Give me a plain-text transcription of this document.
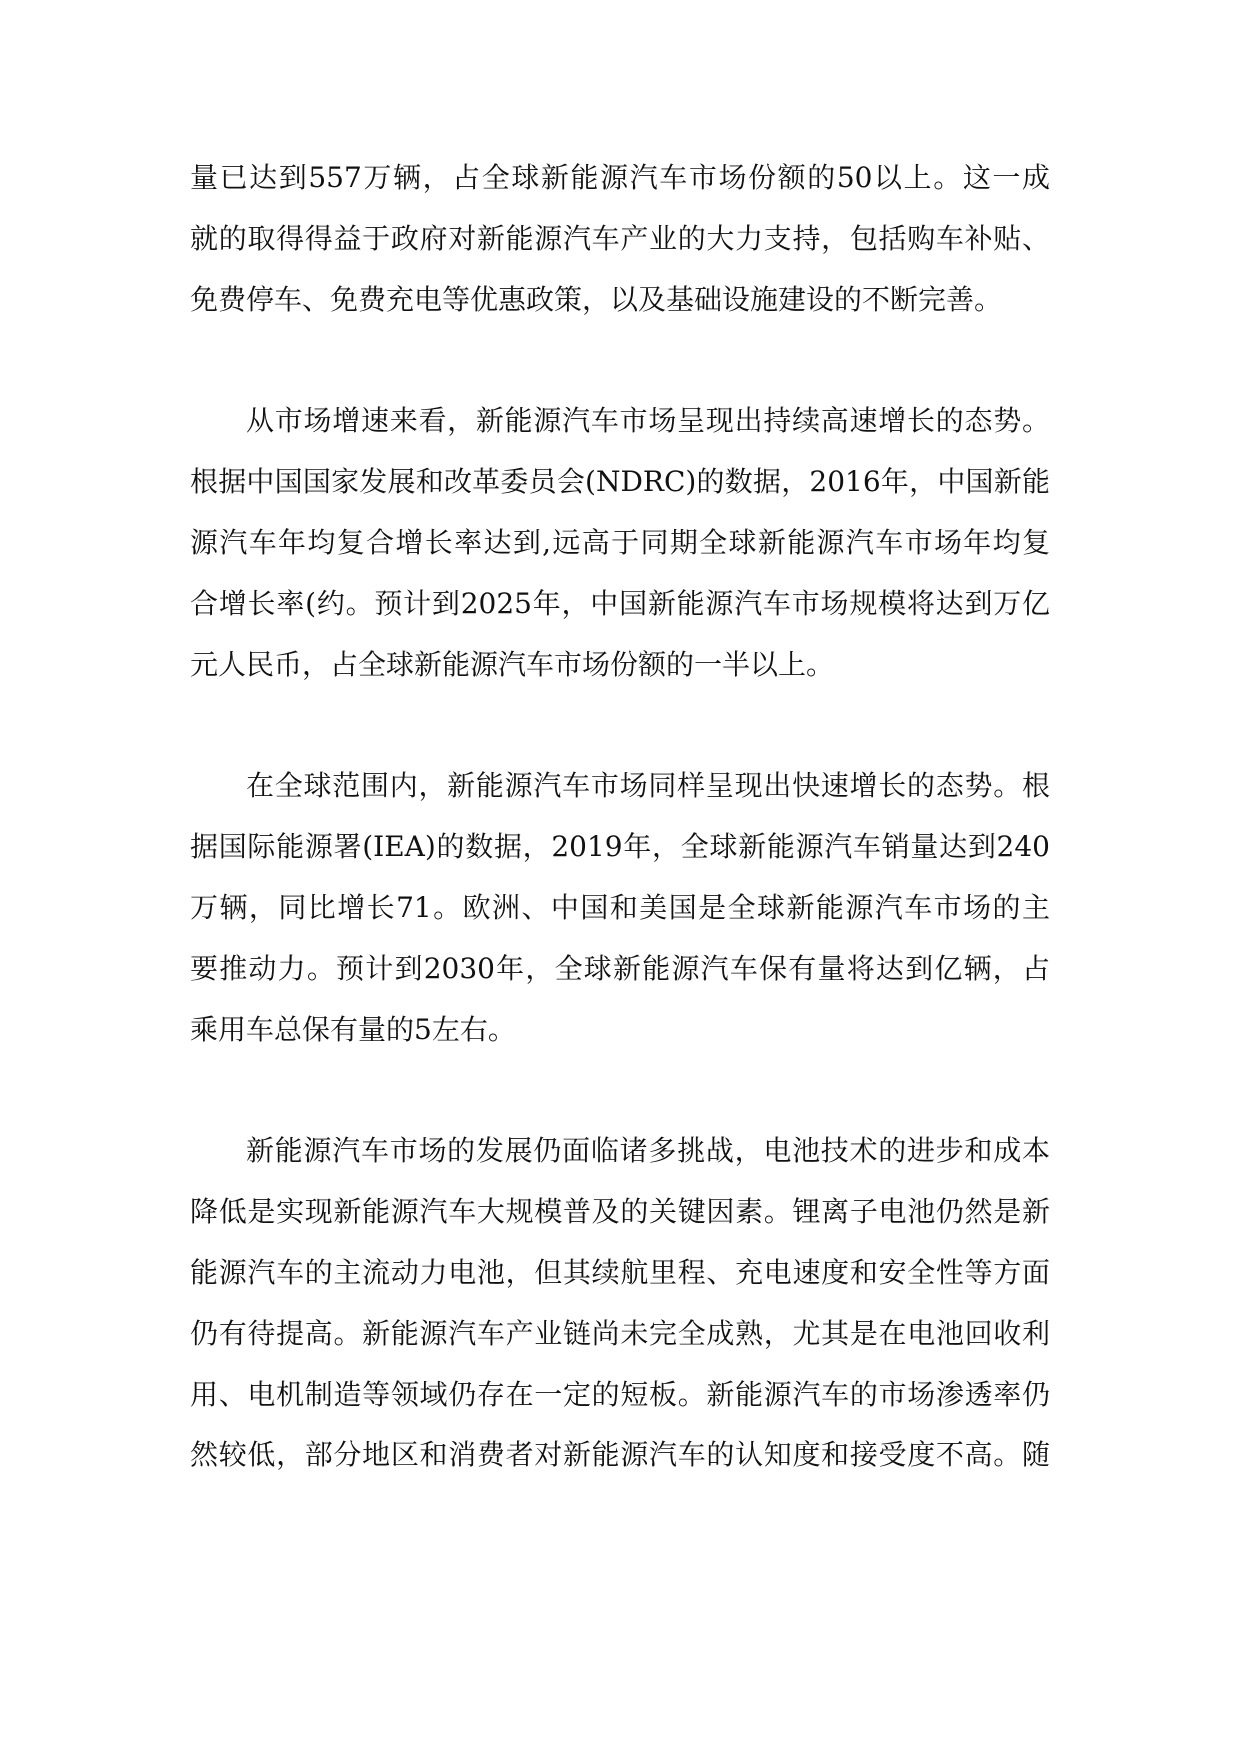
量已达到557万辆，占全球新能源汽车市场份额的50以上。这一成
就的取得得益于政府对新能源汽车产业的大力支持，包括购车补贴、
免费停车、免费充电等优惠政策，以及基础设施建设的不断完善。
从市场增速来看，新能源汽车市场呈现出持续高速增长的态势。
根据中国国家发展和改革委员会(NDRC)的数据，2016年，中国新能
源汽车年均复合增长率达到,远高于同期全球新能源汽车市场年均复
合增长率(约。预计到2025年，中国新能源汽车市场规模将达到万亿
元人民币，占全球新能源汽车市场份额的一半以上。
在全球范围内，新能源汽车市场同样呈现出快速增长的态势。根
据国际能源署(IEA)的数据，2019年，全球新能源汽车销量达到240
万辆，同比增长71。欧洲、中国和美国是全球新能源汽车市场的主
要推动力。预计到2030年，全球新能源汽车保有量将达到亿辆，占
乘用车总保有量的5左右。
新能源汽车市场的发展仍面临诸多挑战，电池技术的进步和成本
降低是实现新能源汽车大规模普及的关键因素。锂离子电池仍然是新
能源汽车的主流动力电池，但其续航里程、充电速度和安全性等方面
仍有待提高。新能源汽车产业链尚未完全成熟，尤其是在电池回收利
用、电机制造等领域仍存在一定的短板。新能源汽车的市场渗透率仍
然较低，部分地区和消费者对新能源汽车的认知度和接受度不高。随
